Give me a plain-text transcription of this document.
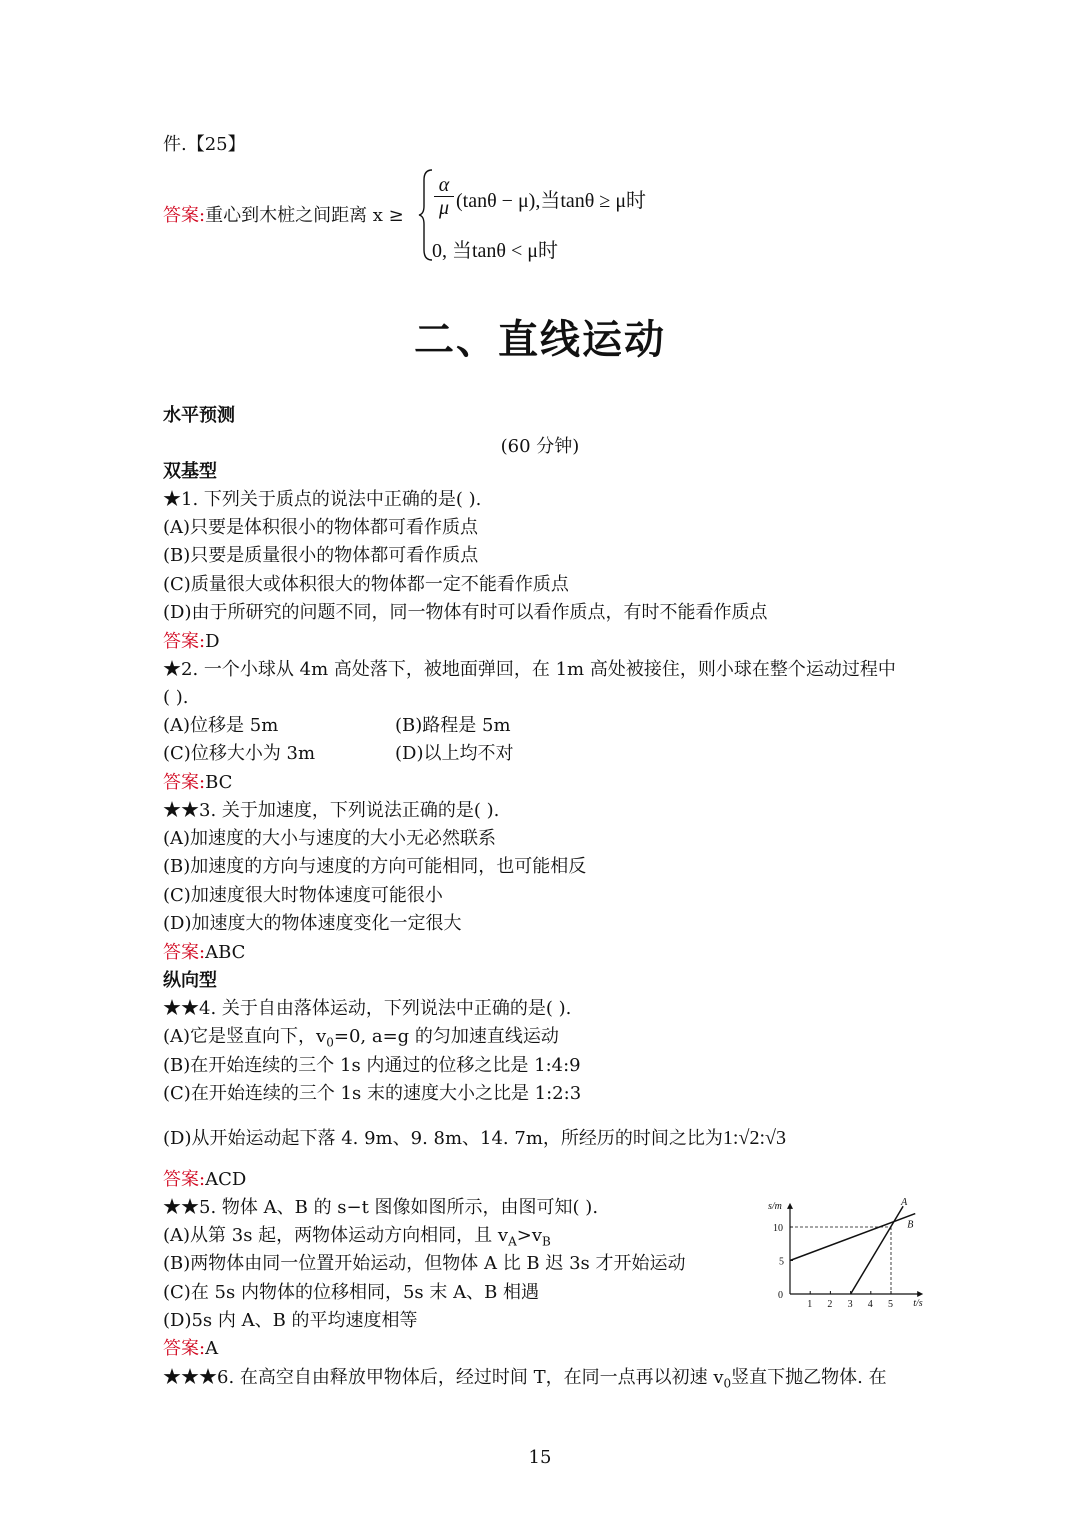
件.【25】
答案:重心到木桩之间距离 x ≥
α
μ (tanθ − μ),当tanθ ≥ μ时
0, 当tanθ < μ时
二、直线运动
水平预测
(60 分钟)
双基型
★1. 下列关于质点的说法中正确的是( ).
(A)只要是体积很小的物体都可看作质点
(B)只要是质量很小的物体都可看作质点
(C)质量很大或体积很大的物体都一定不能看作质点
(D)由于所研究的问题不同，同一物体有时可以看作质点，有时不能看作质点
答案:D
★2. 一个小球从 4m 高处落下，被地面弹回，在 1m 高处被接住，则小球在整个运动过程中
( ).
(A)位移是 5m	(B)路程是 5m
(C)位移大小为 3m	(D)以上均不对
答案:BC
★★3. 关于加速度，下列说法正确的是( ).
(A)加速度的大小与速度的大小无必然联系
(B)加速度的方向与速度的方向可能相同，也可能相反
(C)加速度很大时物体速度可能很小
(D)加速度大的物体速度变化一定很大
答案:ABC
纵向型
★★4. 关于自由落体运动，下列说法中正确的是( ).
(A)它是竖直向下，$v_0=0$, a=g 的匀加速直线运动
(B)在开始连续的三个 1s 内通过的位移之比是 1:4:9
(C)在开始连续的三个 1s 末的速度大小之比是 1:2:3
(D)从开始运动起下落 4. 9m、9. 8m、14. 7m，所经历的时间之比为1:√2:√3
答案:ACD
★★5. 物体 A、B 的 s−t 图像如图所示，由图可知( ).
(A)从第 3s 起，两物体运动方向相同，且 $v_A>v_B$
(B)两物体由同一位置开始运动，但物体 A 比 B 迟 3s 才开始运动
(C)在 5s 内物体的位移相同，5s 末 A、B 相遇
(D)5s 内 A、B 的平均速度相等
答案:A
★★★6. 在高空自由释放甲物体后，经过时间 T，在同一点再以初速 $v_0$竖直下抛乙物体. 在
15
t/s
s/m
0
1 2 3 4 5
5
10
A
B
